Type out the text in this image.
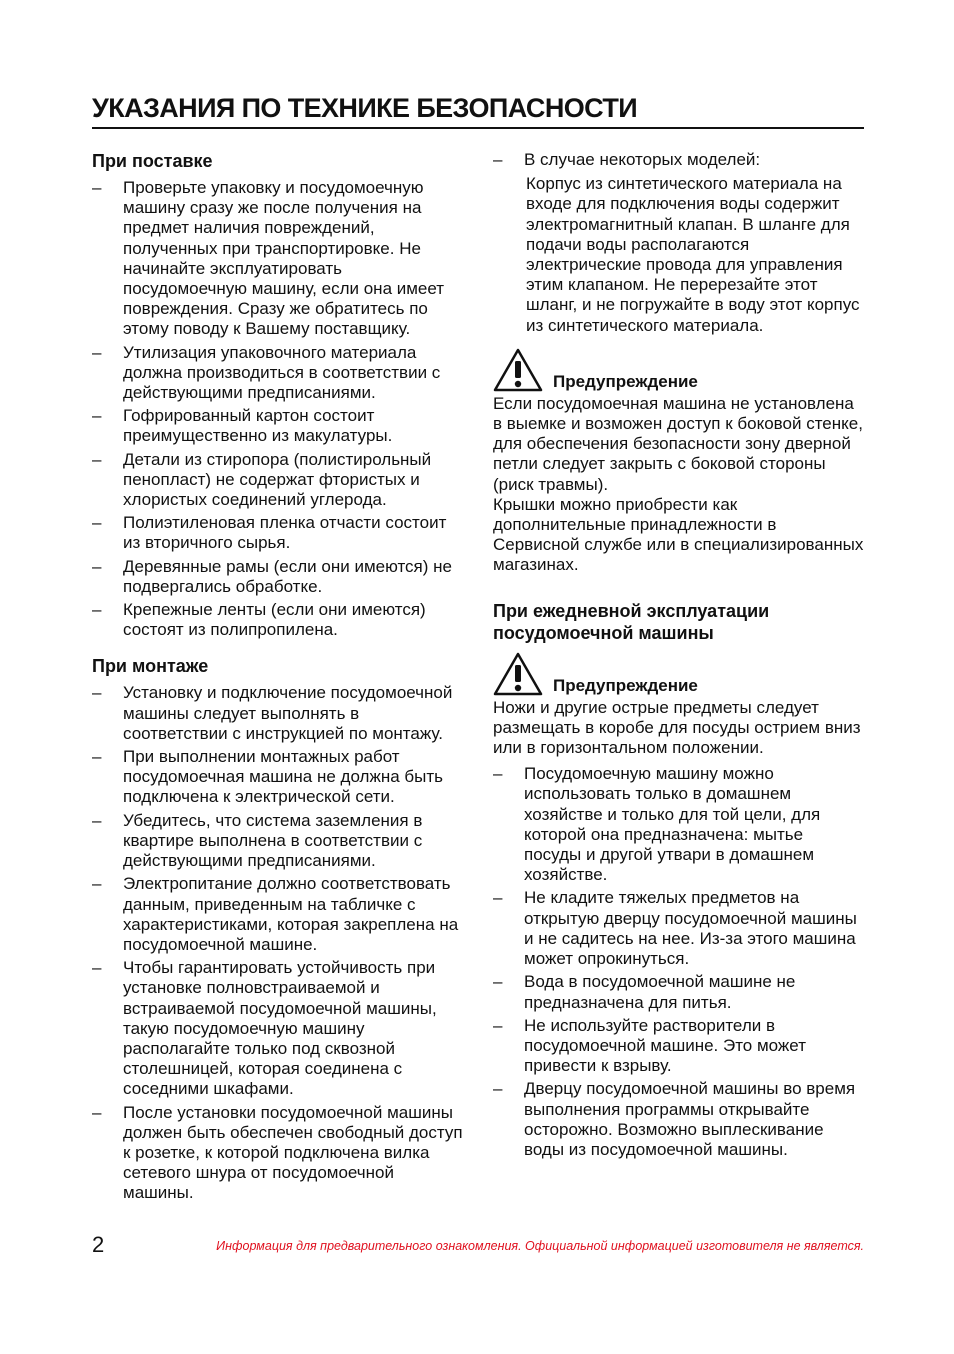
УКАЗАНИЯ ПО ТЕХНИКЕ БЕЗОПАСНОСТИ
При поставке
– Проверьте упаковку и посудомоечную машину сразу же после получения на предмет наличия повреждений, полученных при транспортировке. Не начинайте эксплуатировать посудомоечную машину, если она имеет повреждения. Сразу же обратитесь по этому поводу к Вашему поставщику.
– Утилизация упаковочного материала должна производиться в соответствии с действующими предписаниями.
– Гофрированный картон состоит преимущественно из макулатуры.
– Детали из стиропора (полистирольный пенопласт) не содержат фтористых и хлористых соединений углерода.
– Полиэтиленовая пленка отчасти состоит из вторичного сырья.
– Деревянные рамы (если они имеются) не подвергались обработке.
– Крепежные ленты (если они имеются) состоят из полипропилена.
При монтаже
– Установку и подключение посудомоечной машины следует выполнять в соответствии с инструкцией по монтажу.
– При выполнении монтажных работ посудомоечная машина не должна быть подключена к электрической сети.
– Убедитесь, что система заземления в квартире выполнена в соответствии с действующими предписаниями.
– Электропитание должно соответствовать данным, приведенным на табличке с характеристиками, которая закреплена на посудомоечной машине.
– Чтобы гарантировать устойчивость при установке полновстраиваемой и встраиваемой посудомоечной машины, такую посудомоечную машину располагайте только под сквозной столешницей, которая соединена с соседними шкафами.
– После установки посудомоечной машины должен быть обеспечен свободный доступ к розетке, к которой подключена вилка сетевого шнура от посудомоечной машины.
– В случае некоторых моделей:
Корпус из синтетического материала на входе для подключения воды содержит электромагнитный клапан. В шланге для подачи воды располагаются электрические провода для управления этим клапаном. Не перерезайте этот шланг, и не погружайте в воду этот корпус из синтетического материала.
Предупреждение

Если посудомоечная машина не установлена в выемке и возможен доступ к боковой стенке, для обеспечения безопасности зону дверной петли следует закрыть с боковой стороны (риск травмы).

Крышки можно приобрести как дополнительные принадлежности в Сервисной службе или в специализированных магазинах.

При ежедневной эксплуатации посудомоечной машины
Предупреждение

Ножи и другие острые предметы следует размещать в коробе для посуды острием вниз или в горизонтальном положении.

– Посудомоечную машину можно использовать только в домашнем хозяйстве и только для той цели, для которой она предназначена: мытье посуды и другой утвари в домашнем хозяйстве.
– Не кладите тяжелых предметов на открытую дверцу посудомоечной машины и не садитесь на нее. Из-за этого машина может опрокинуться.
– Вода в посудомоечной машине не предназначена для питья.
– Не используйте растворители в посудомоечной машине. Это может привести к взрыву.
– Дверцу посудомоечной машины во время выполнения программы открывайте осторожно. Возможно выплескивание воды из посудомоечной машины.
2	Информация для предварительного ознакомления. Официальной информацией изготовителя не является.
